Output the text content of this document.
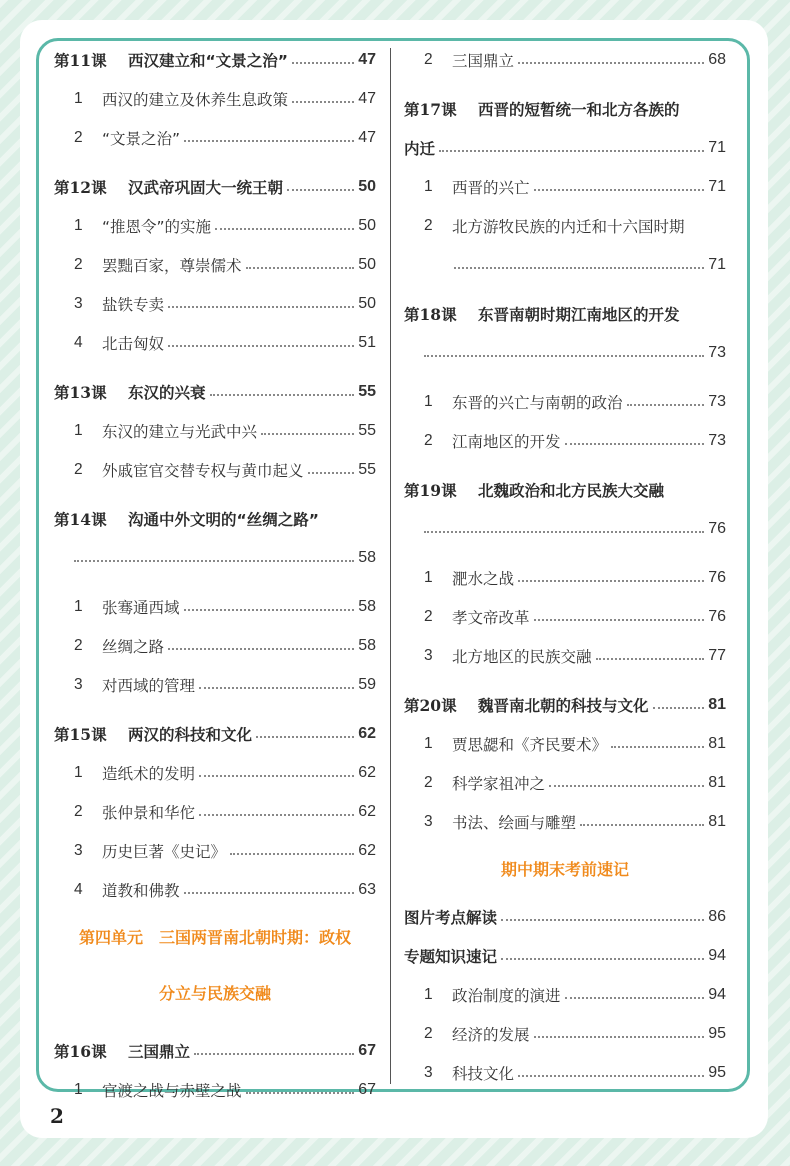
第11课	西汉建立和“文景之治”	47
1	西汉的建立及休养生息政策	47
2	“文景之治”	47
第12课	汉武帝巩固大一统王朝	50
1	“推恩令”的实施	50
2	罢黜百家，尊崇儒术	50
3	盐铁专卖	50
4	北击匈奴	51
第13课	东汉的兴衰	55
1	东汉的建立与光武中兴	55
2	外戚宦官交替专权与黄巾起义	55
第14课	沟通中外文明的“丝绸之路”
58
1	张骞通西域	58
2	丝绸之路	58
3	对西域的管理	59
第15课	两汉的科技和文化	62
1	造纸术的发明	62
2	张仲景和华佗	62
3	历史巨著《史记》	62
4	道教和佛教	63
第四单元　三国两晋南北朝时期：政权
分立与民族交融
第16课	三国鼎立	67
1	官渡之战与赤壁之战	67
2	三国鼎立	68
第17课	西晋的短暂统一和北方各族的
内迁	71
1	西晋的兴亡	71
2	北方游牧民族的内迁和十六国时期
71
第18课	东晋南朝时期江南地区的开发
73
1	东晋的兴亡与南朝的政治	73
2	江南地区的开发	73
第19课	北魏政治和北方民族大交融
76
1	淝水之战	76
2	孝文帝改革	76
3	北方地区的民族交融	77
第20课	魏晋南北朝的科技与文化	81
1	贾思勰和《齐民要术》	81
2	科学家祖冲之	81
3	书法、绘画与雕塑	81
期中期末考前速记
图片考点解读	86
专题知识速记	94
1	政治制度的演进	94
2	经济的发展	95
3	科技文化	95
2
